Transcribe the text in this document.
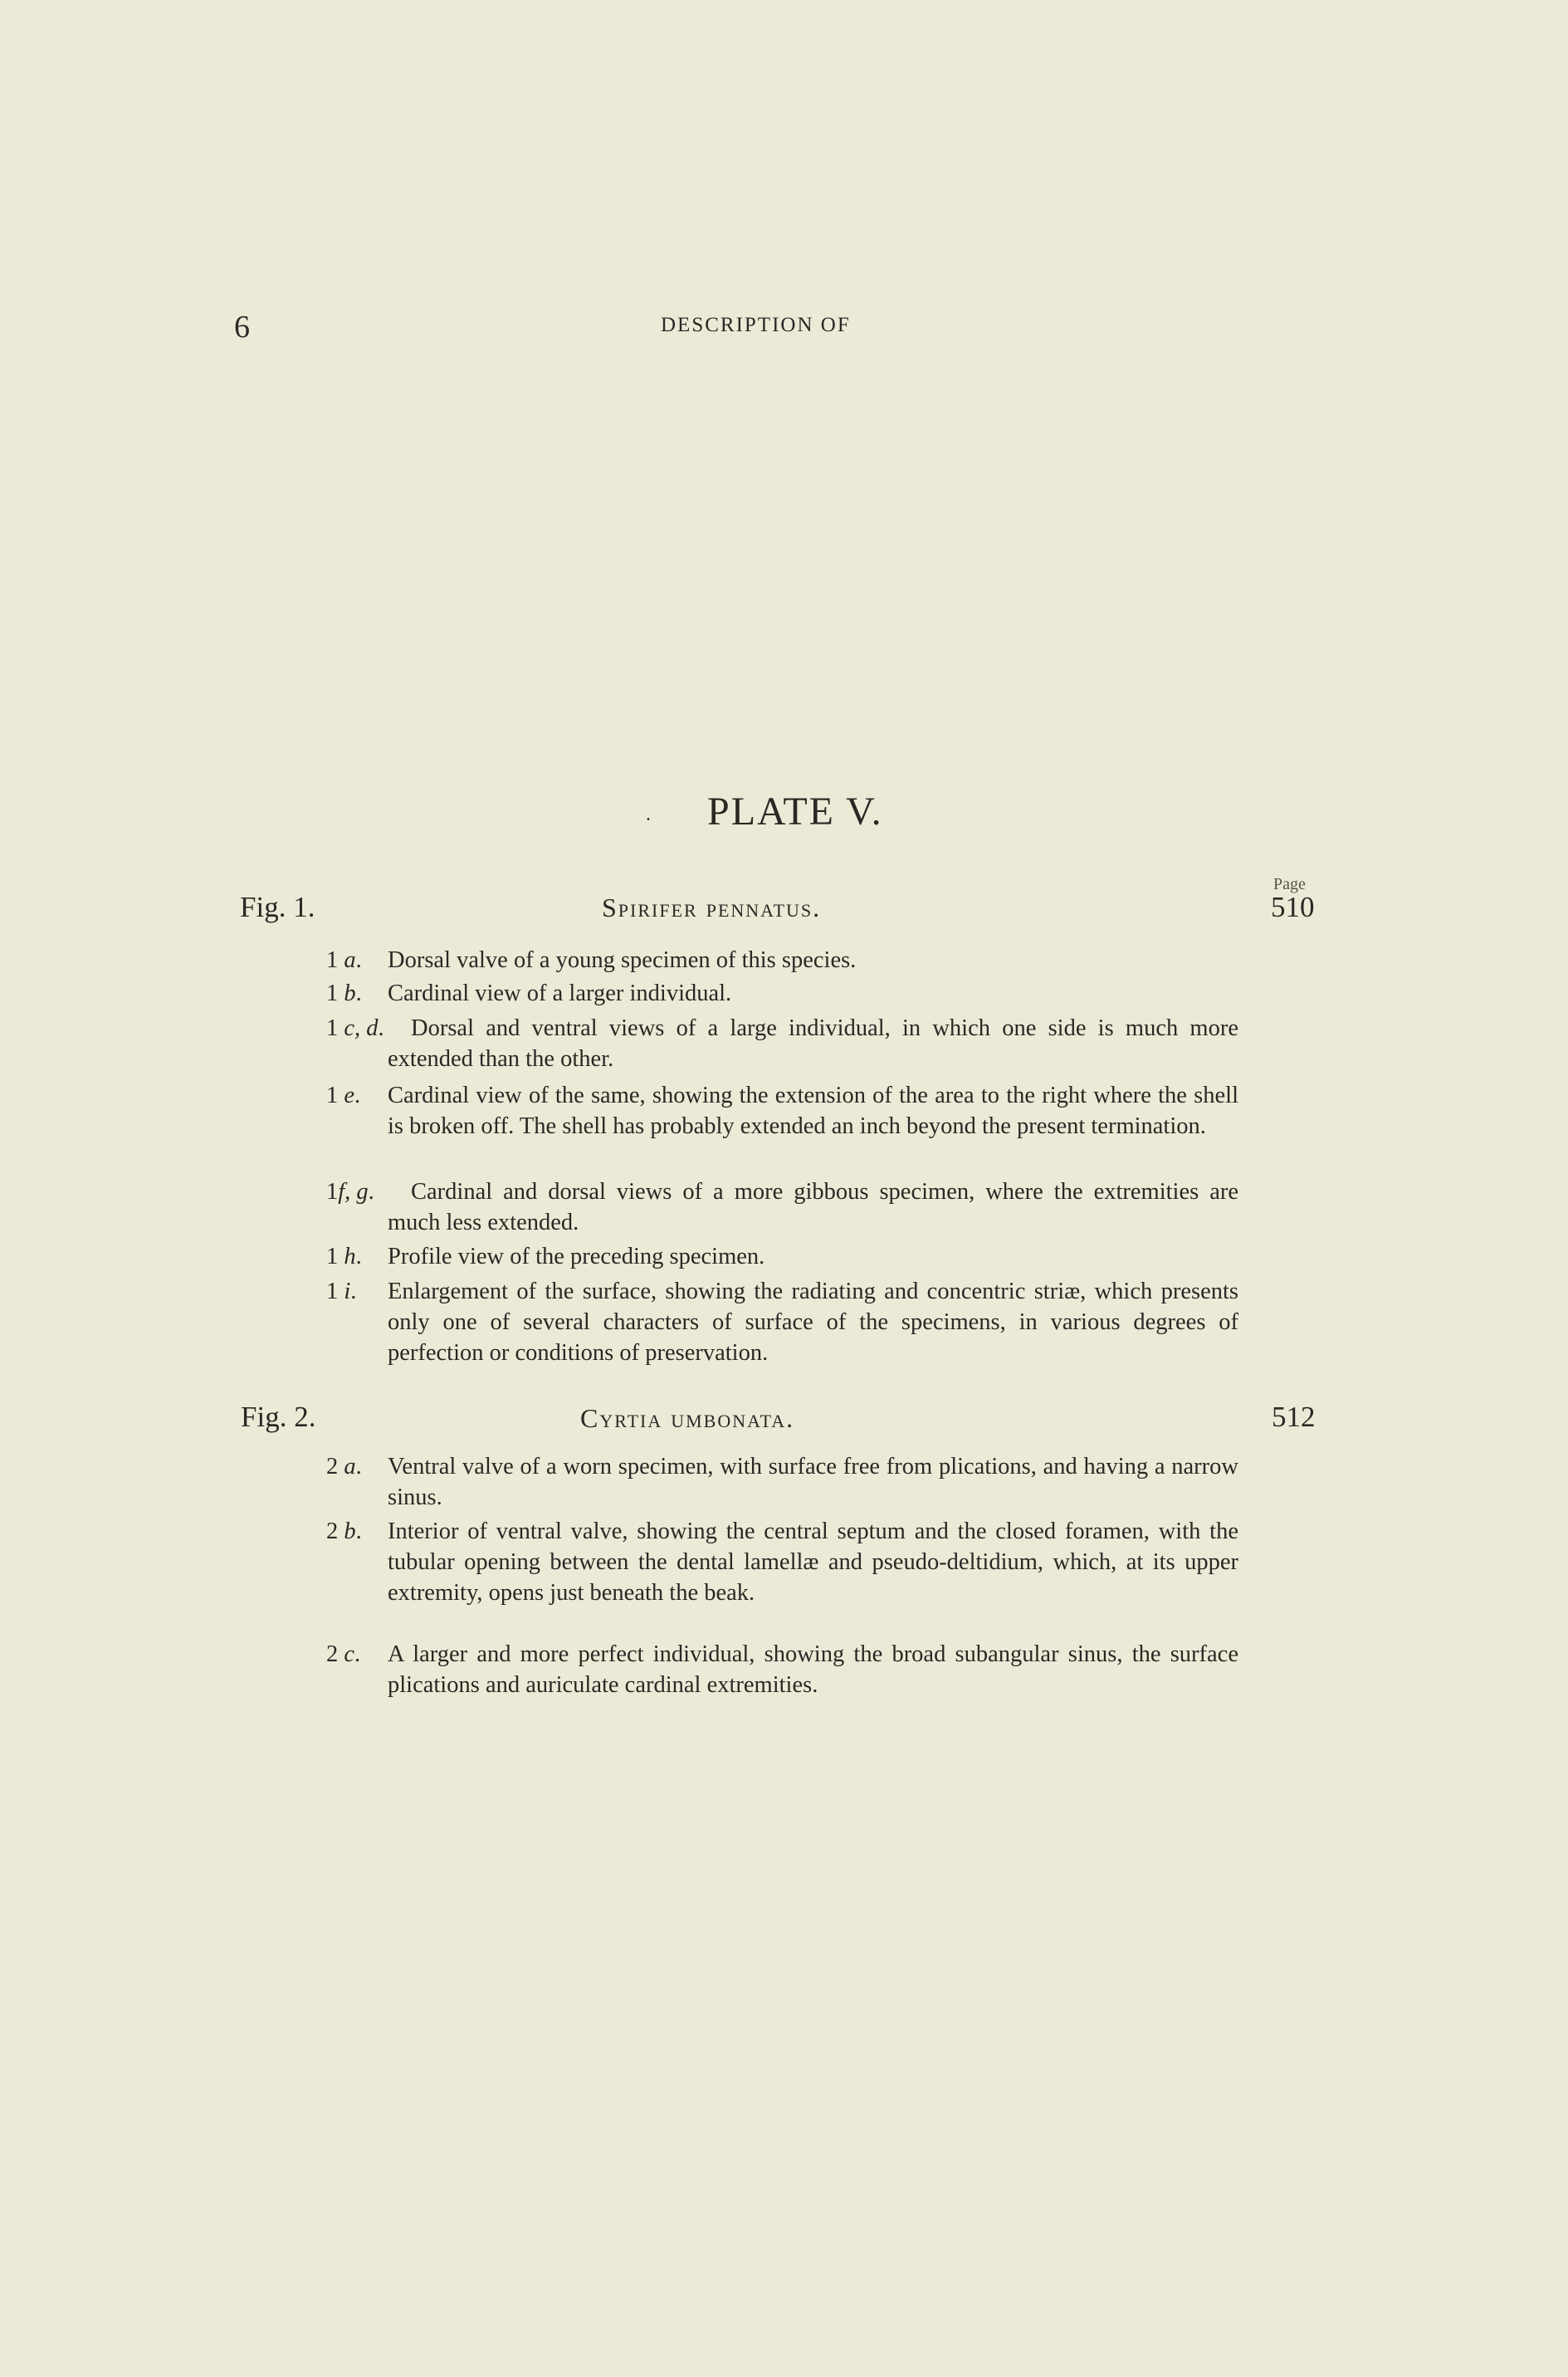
6	DESCRIPTION OF
. PLATE V.
Page
Fig. 1.	Spirifer pennatus.	510
1 a. Dorsal valve of a young specimen of this species.
1 b. Cardinal view of a larger individual.
1 c, d.	Dorsal and ventral views of a large individual, in which one side is much more extended than the other.
1 e. Cardinal view of the same, showing the extension of the area to the right where the shell is broken off. The shell has probably extended an inch beyond the present termination.
1f, g.	Cardinal and dorsal views of a more gibbous specimen, where the extremities are much less extended.
1 h. Profile view of the preceding specimen.
1 i. Enlargement of the surface, showing the radiating and concentric striæ, which presents only one of several characters of surface of the specimens, in various degrees of perfection or conditions of preservation.
Fig. 2.	Cyrtia umbonata.	512
2 a. Ventral valve of a worn specimen, with surface free from plications, and having a narrow sinus.
2 b. Interior of ventral valve, showing the central septum and the closed foramen, with the tubular opening between the dental lamellæ and pseudo-deltidium, which, at its upper extremity, opens just beneath the beak.
2 c. A larger and more perfect individual, showing the broad subangular sinus, the surface plications and auriculate cardinal extremities.
